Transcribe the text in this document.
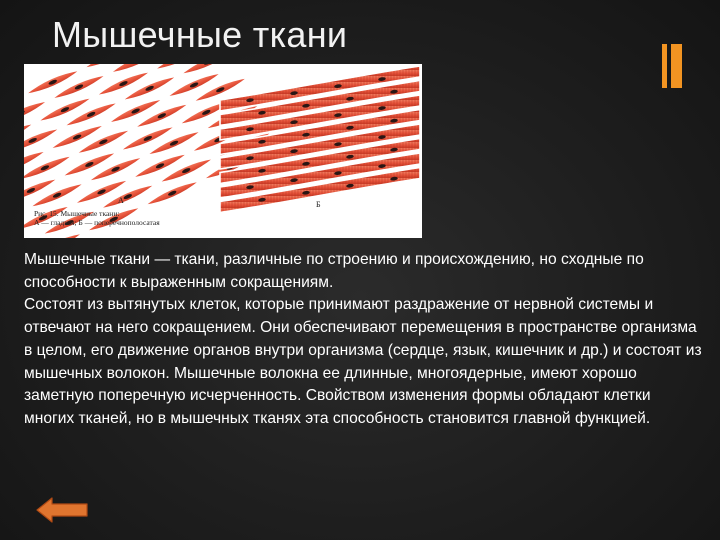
Мышечные ткани
А	Б
Рис. 15. Мышечные ткани:
А — гладкая; Б — поперечнополосатая

Мышечные ткани — ткани, различные по строению и происхождению, но сходные по способности к выраженным сокращениям.

Состоят из вытянутых клеток, которые принимают раздражение от нервной системы и отвечают на него сокращением. Они обеспечивают перемещения в пространстве организма в целом, его движение органов внутри организма (сердце, язык, кишечник и др.) и состоят из мышечных волокон. Мышечные волокна ее длинные, многоядерные, имеют хорошо заметную поперечную исчерченность. Свойством изменения формы обладают клетки многих тканей, но в мышечных тканях эта способность становится главной функцией.
